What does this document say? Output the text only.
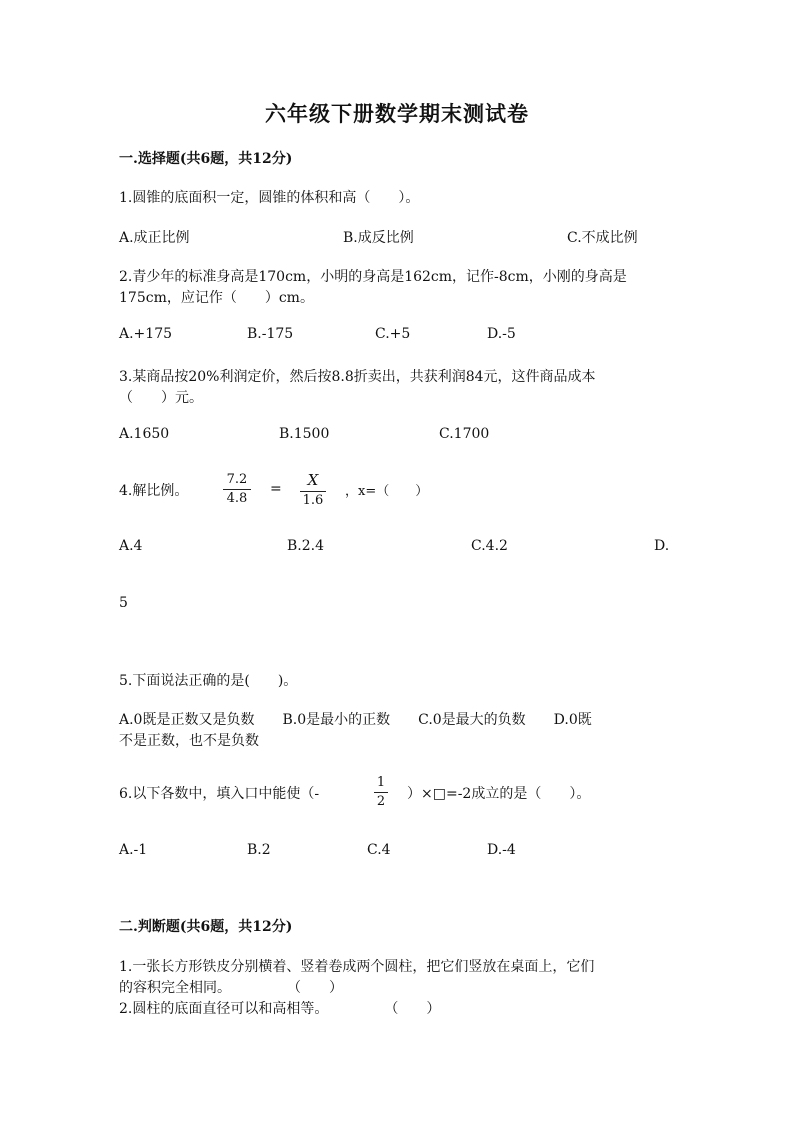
六年级下册数学期末测试卷
一.选择题(共6题，共12分)
1.圆锥的底面积一定，圆锥的体积和高（　　）。
A.成正比例	B.成反比例	C.不成比例
2.青少年的标准身高是170cm，小明的身高是162cm，记作-8cm，小刚的身高是
175cm，应记作（　　）cm。
A.+175	B.-175	C.+5	D.-5
3.某商品按20%利润定价，然后按8.8折卖出，共获利润84元，这件商品成本
（　　）元。
A.1650	B.1500	C.1700
4.解比例。
7.2
4.8
=	X
1.6
，x=（　　）
A.4	B.2.4	C.4.2	D.
5
5.下面说法正确的是(　　)。
A.0既是正数又是负数　　B.0是最小的正数　　C.0是最大的负数　　D.0既
不是正数，也不是负数
6.以下各数中，填入口中能使（-
1
2 ）×□=-2成立的是（　　）。
A.-1	B.2	C.4	D.-4
二.判断题(共6题，共12分)
1.一张长方形铁皮分别横着、竖着卷成两个圆柱，把它们竖放在桌面上，它们
的容积完全相同。　　　　　（　　）
2.圆柱的底面直径可以和高相等。　　　　　（　　）
